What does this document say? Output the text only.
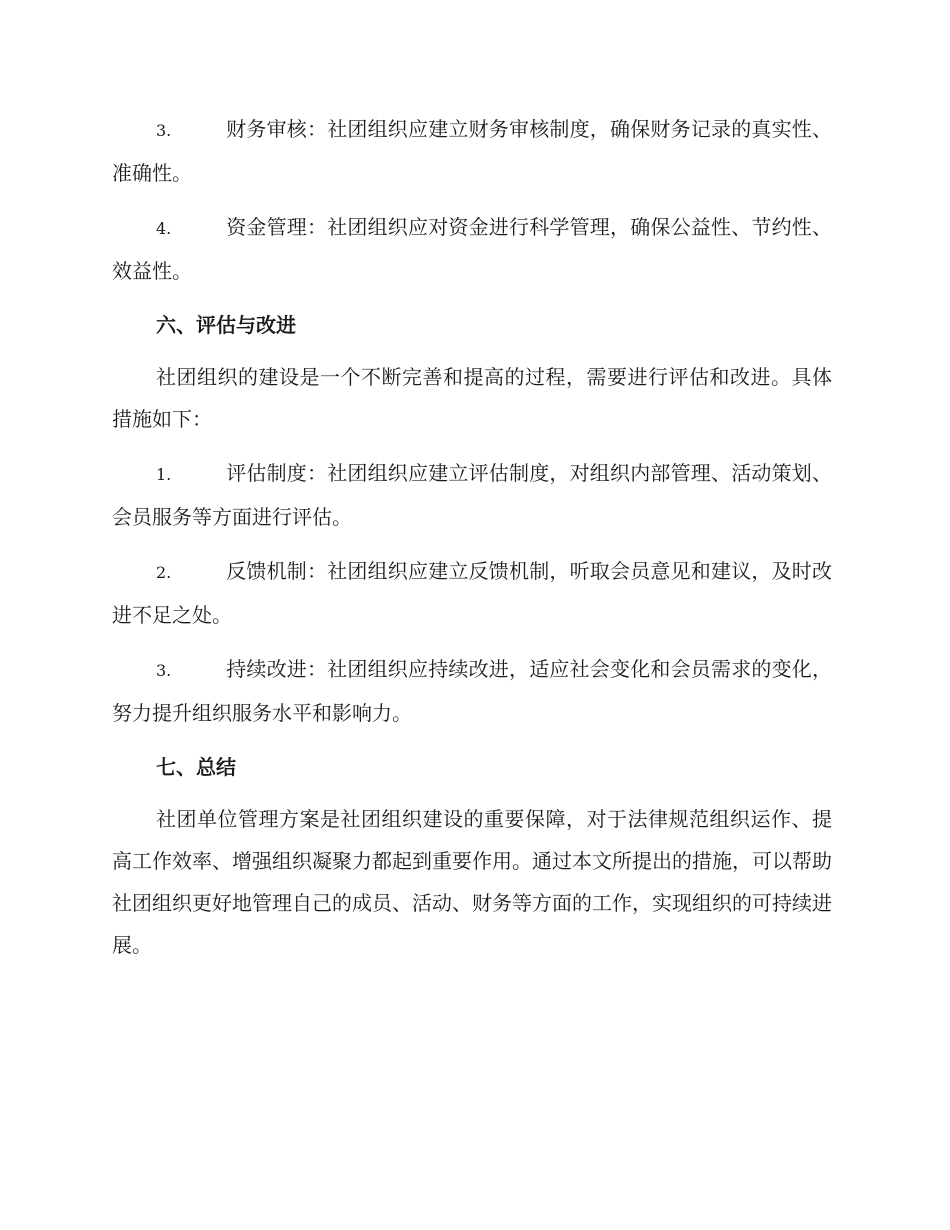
3.	财务审核：社团组织应建立财务审核制度，确保财务记录的真实性、准确性。

4.	资金管理：社团组织应对资金进行科学管理，确保公益性、节约性、效益性。

六、评估与改进

社团组织的建设是一个不断完善和提高的过程，需要进行评估和改进。具体措施如下：

1.	评估制度：社团组织应建立评估制度，对组织内部管理、活动策划、会员服务等方面进行评估。

2.	反馈机制：社团组织应建立反馈机制，听取会员意见和建议，及时改进不足之处。

3.	持续改进：社团组织应持续改进，适应社会变化和会员需求的变化，努力提升组织服务水平和影响力。

七、总结

社团单位管理方案是社团组织建设的重要保障，对于法律规范组织运作、提高工作效率、增强组织凝聚力都起到重要作用。通过本文所提出的措施，可以帮助社团组织更好地管理自己的成员、活动、财务等方面的工作，实现组织的可持续进展。
